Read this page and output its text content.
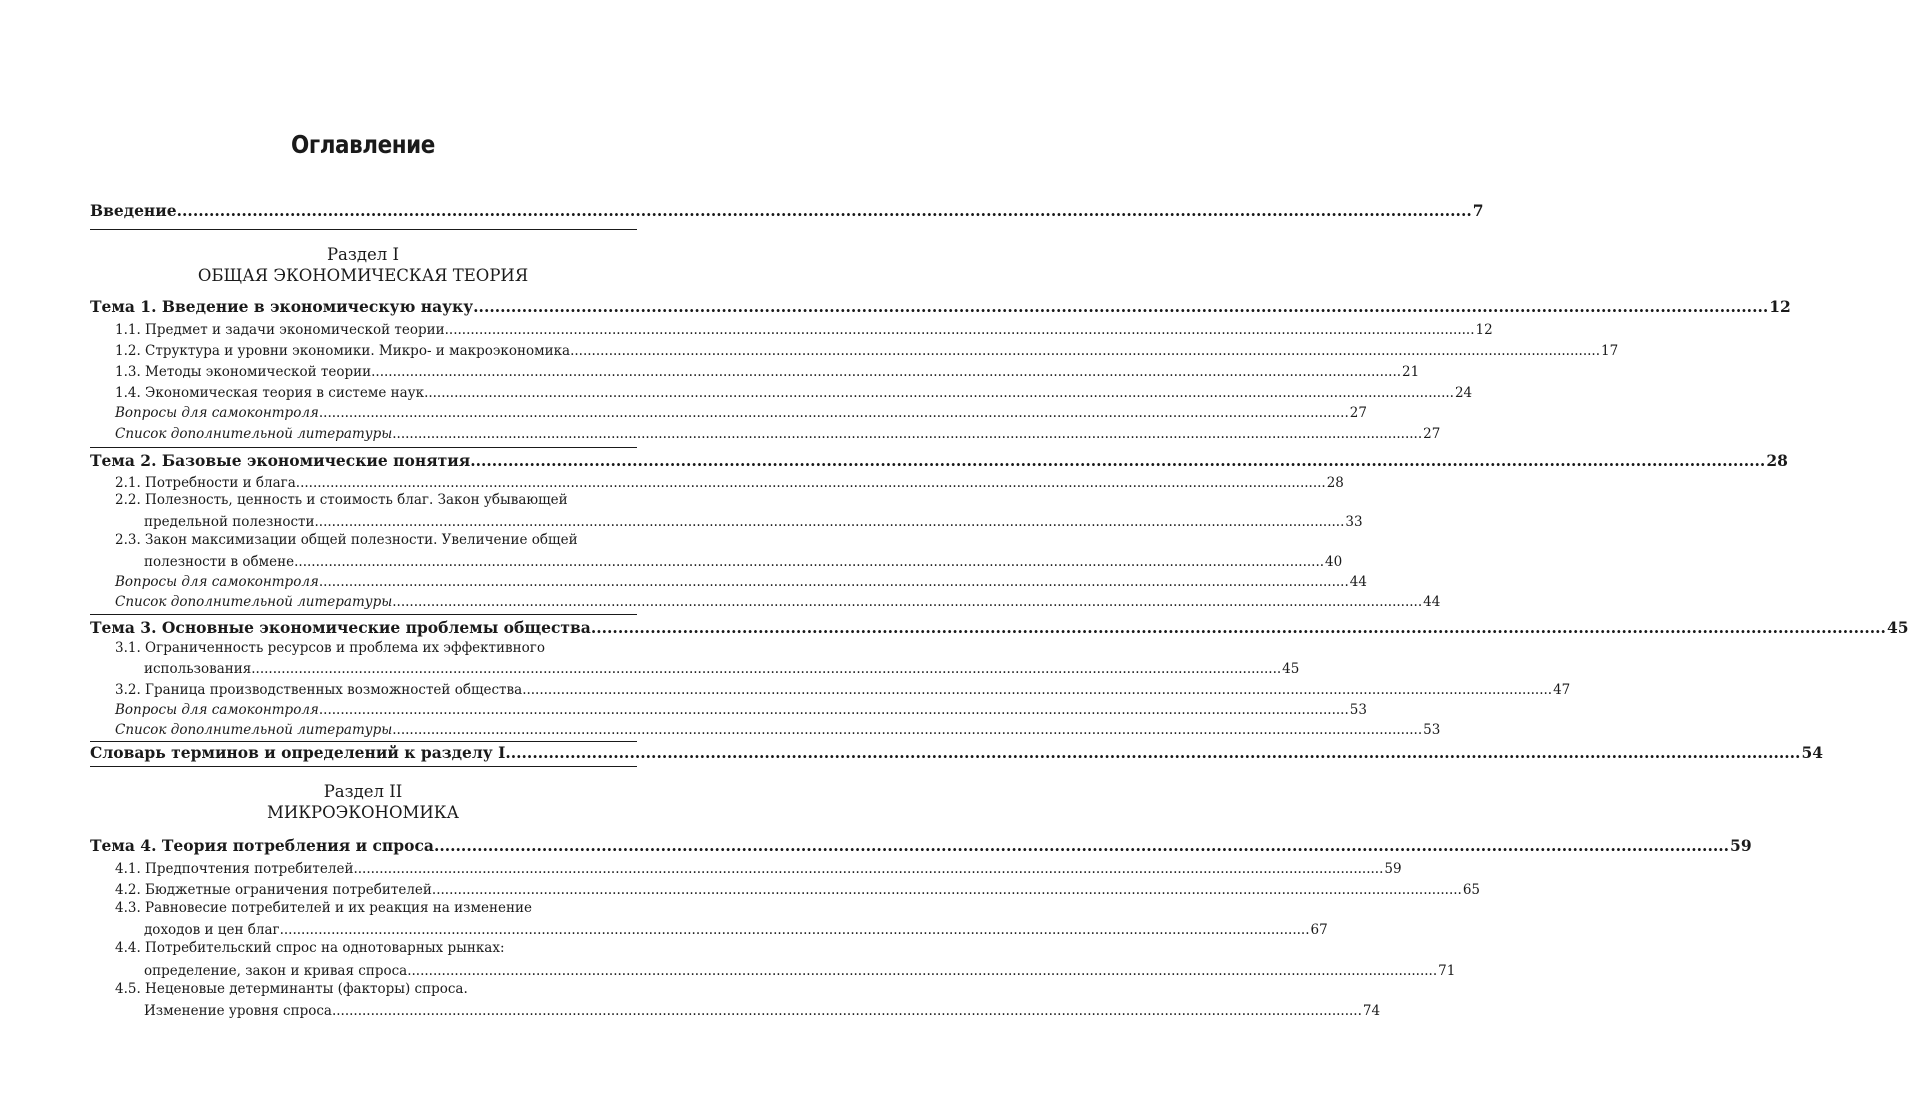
Оглавление
Введение .....	7
Раздел I
ОБЩАЯ ЭКОНОМИЧЕСКАЯ ТЕОРИЯ
Тема 1. Введение в экономическую науку .....	12
1.1. Предмет и задачи экономической теории .....	12
1.2. Структура и уровни экономики. Микро- и макроэкономика .....	17
1.3. Методы экономической теории .....	21
1.4. Экономическая теория в системе наук .....	24
Вопросы для самоконтроля .....	27
Список дополнительной литературы .....	27
Тема 2. Базовые экономические понятия .....	28
2.1. Потребности и блага .....	28
2.2. Полезность, ценность и стоимость благ. Закон убывающей
предельной полезности .....	33
2.3. Закон максимизации общей полезности. Увеличение общей
полезности в обмене .....	40
Вопросы для самоконтроля .....	44
Список дополнительной литературы .....	44
Тема 3. Основные экономические проблемы общества .....	45
3.1. Ограниченность ресурсов и проблема их эффективного
использования .....	45
3.2. Граница производственных возможностей общества .....	47
Вопросы для самоконтроля .....	53
Список дополнительной литературы .....	53
Словарь терминов и определений к разделу I .....	54
Раздел II
МИКРОЭКОНОМИКА
Тема 4. Теория потребления и спроса .....	59
4.1. Предпочтения потребителей .....	59
4.2. Бюджетные ограничения потребителей .....	65
4.3. Равновесие потребителей и их реакция на изменение
доходов и цен благ .....	67
4.4. Потребительский спрос на однотоварных рынках:
определение, закон и кривая спроса .....	71
4.5. Неценовые детерминанты (факторы) спроса.
Изменение уровня спроса .....	74
